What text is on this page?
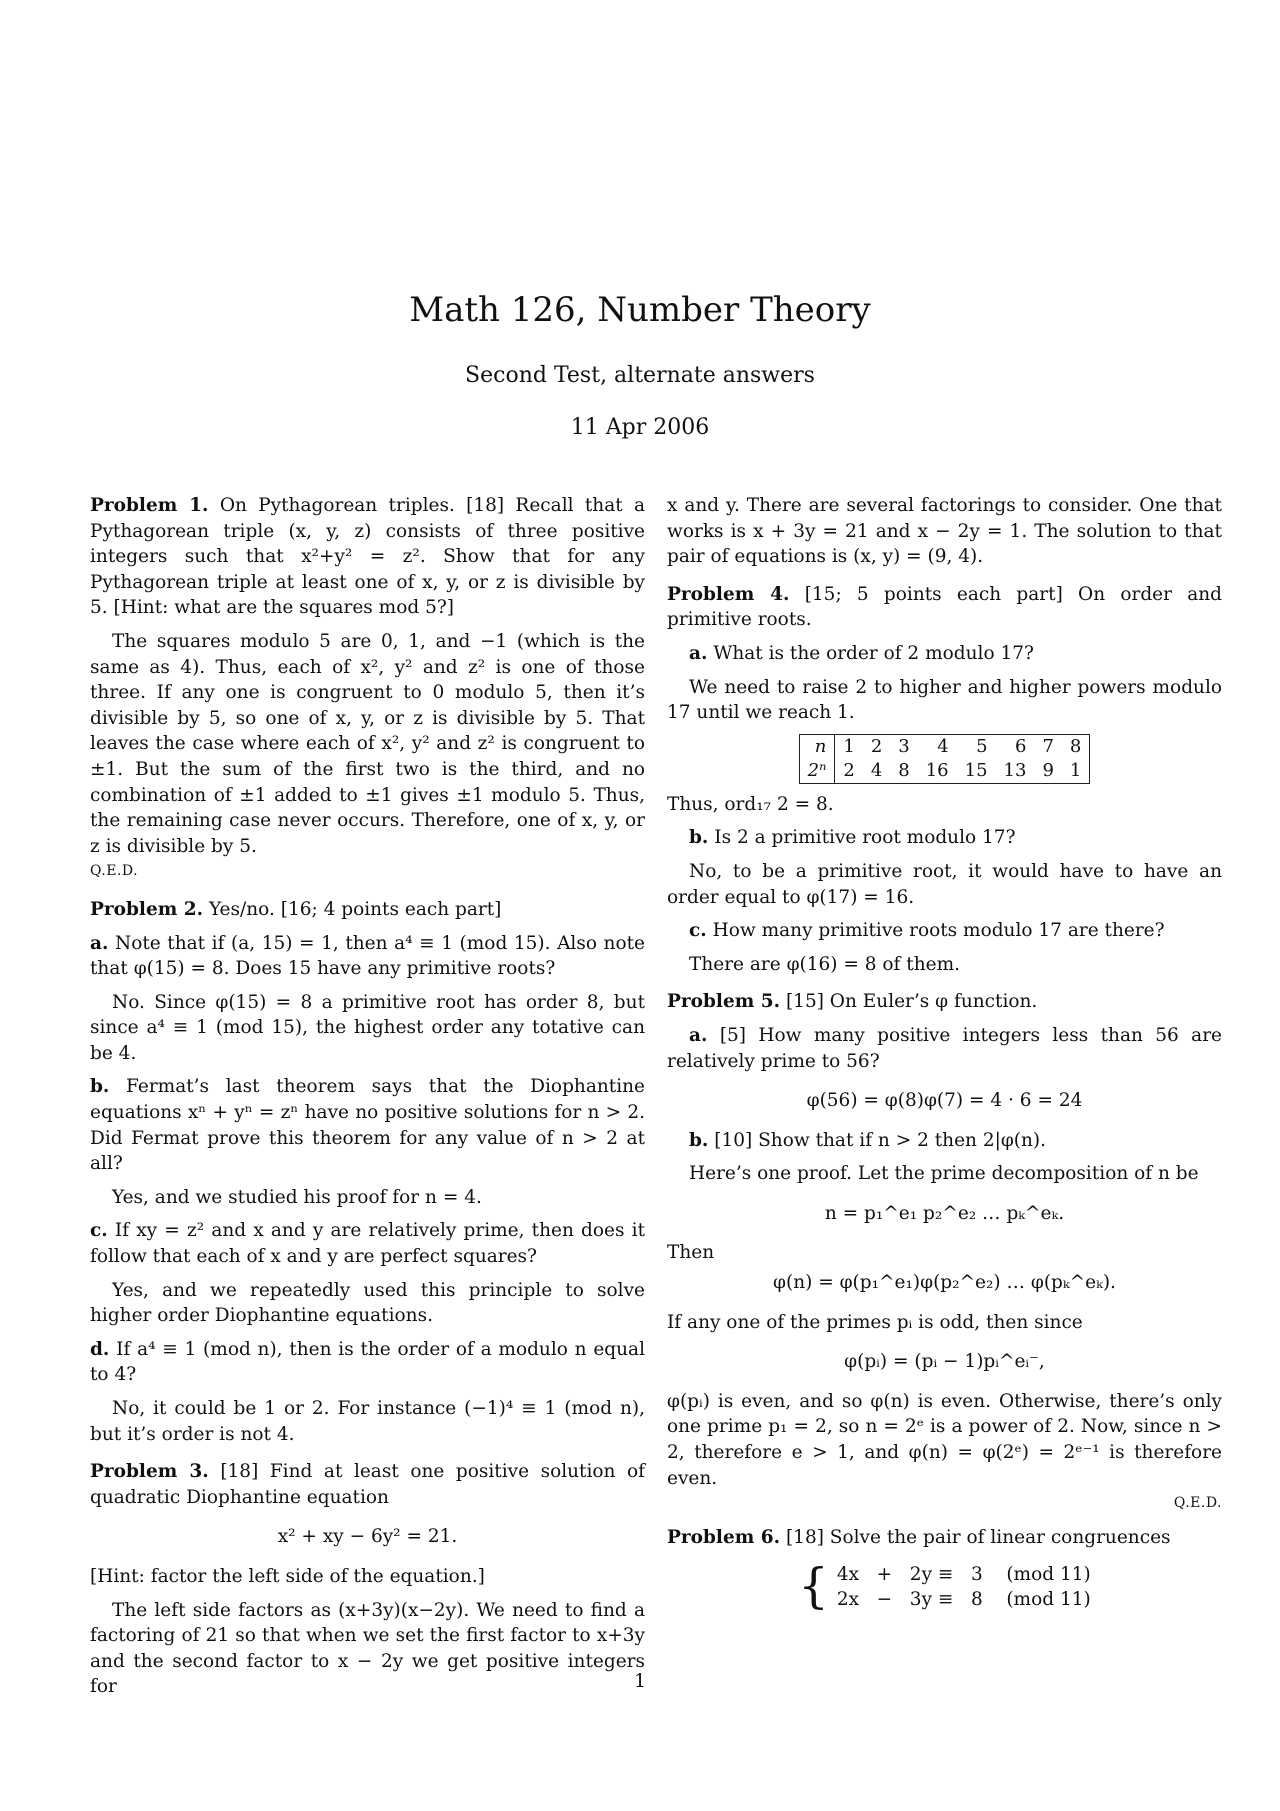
Math 126, Number Theory
Second Test, alternate answers
11 Apr 2006

Problem 1. On Pythagorean triples. [18] Recall that a Pythagorean triple (x, y, z) consists of three positive integers such that x²+y² = z². Show that for any Pythagorean triple at least one of x, y, or z is divisible by 5. [Hint: what are the squares mod 5?]

The squares modulo 5 are 0, 1, and −1 (which is the same as 4). Thus, each of x², y² and z² is one of those three. If any one is congruent to 0 modulo 5, then it’s divisible by 5, so one of x, y, or z is divisible by 5. That leaves the case where each of x², y² and z² is congruent to ±1. But the sum of the first two is the third, and no combination of ±1 added to ±1 gives ±1 modulo 5. Thus, the remaining case never occurs. Therefore, one of x, y, or z is divisible by 5.

Q.E.D.

Problem 2. Yes/no. [16; 4 points each part]

a. Note that if (a, 15) = 1, then a⁴ ≡ 1 (mod 15). Also note that φ(15) = 8. Does 15 have any primitive roots?

No. Since φ(15) = 8 a primitive root has order 8, but since a⁴ ≡ 1 (mod 15), the highest order any totative can be 4.

b. Fermat’s last theorem says that the Diophantine equations xⁿ + yⁿ = zⁿ have no positive solutions for n > 2. Did Fermat prove this theorem for any value of n > 2 at all?

Yes, and we studied his proof for n = 4.

c. If xy = z² and x and y are relatively prime, then does it follow that each of x and y are perfect squares?

Yes, and we repeatedly used this principle to solve higher order Diophantine equations.

d. If a⁴ ≡ 1 (mod n), then is the order of a modulo n equal to 4?

No, it could be 1 or 2. For instance (−1)⁴ ≡ 1 (mod n), but it’s order is not 4.

Problem 3. [18] Find at least one positive solution of quadratic Diophantine equation

x² + xy − 6y² = 21.

[Hint: factor the left side of the equation.]

The left side factors as (x+3y)(x−2y). We need to find a factoring of 21 so that when we set the first factor to x+3y and the second factor to x − 2y we get positive integers for

x and y. There are several factorings to consider. One that works is x + 3y = 21 and x − 2y = 1. The solution to that pair of equations is (x, y) = (9, 4).

Problem 4. [15; 5 points each part] On order and primitive roots.

a. What is the order of 2 modulo 17?

We need to raise 2 to higher and higher powers modulo 17 until we reach 1.

n	1	2	3	4	5	6	7	8
2ⁿ	2	4	8	16	15	13	9	1

Thus, ord₁₇ 2 = 8.

b. Is 2 a primitive root modulo 17?

No, to be a primitive root, it would have to have an order equal to φ(17) = 16.

c. How many primitive roots modulo 17 are there?

There are φ(16) = 8 of them.

Problem 5. [15] On Euler’s φ function.

a. [5] How many positive integers less than 56 are relatively prime to 56?

φ(56) = φ(8)φ(7) = 4 · 6 = 24

b. [10] Show that if n > 2 then 2|φ(n).

Here’s one proof. Let the prime decomposition of n be

n = p₁^e₁ p₂^e₂ … pₖ^eₖ.

Then

φ(n) = φ(p₁^e₁)φ(p₂^e₂) … φ(pₖ^eₖ).

If any one of the primes pᵢ is odd, then since

φ(pᵢ) = (pᵢ − 1)pᵢ^eᵢ⁻,

φ(pᵢ) is even, and so φ(n) is even. Otherwise, there’s only one prime p₁ = 2, so n = 2ᵉ is a power of 2. Now, since n > 2, therefore e > 1, and φ(n) = φ(2ᵉ) = 2ᵉ⁻¹ is therefore even.

Q.E.D.

Problem 6. [18] Solve the pair of linear congruences

{ 4x   +   2y ≡   3    (mod 11)
2x   −   3y ≡   8    (mod 11)
1
